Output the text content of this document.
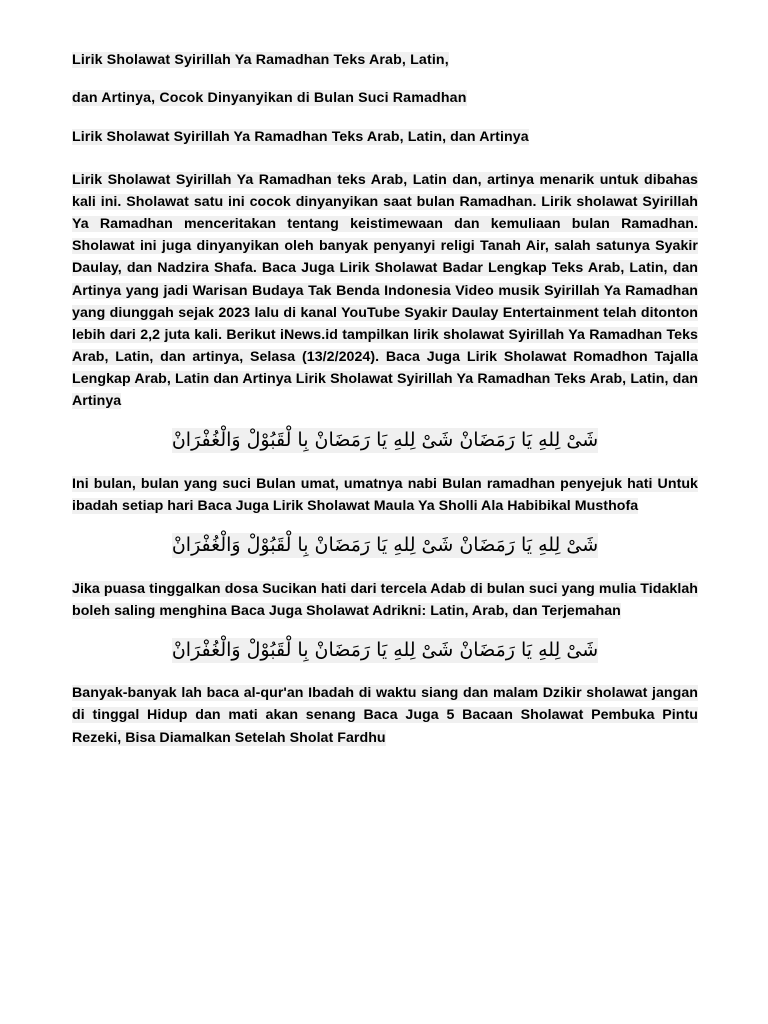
Lirik Sholawat Syirillah Ya Ramadhan Teks Arab, Latin,
dan Artinya, Cocok Dinyanyikan di Bulan Suci Ramadhan
Lirik Sholawat Syirillah Ya Ramadhan Teks Arab, Latin, dan Artinya

Lirik Sholawat Syirillah Ya Ramadhan teks Arab, Latin dan, artinya menarik untuk dibahas kali ini. Sholawat satu ini cocok dinyanyikan saat bulan Ramadhan. Lirik sholawat Syirillah Ya Ramadhan menceritakan tentang keistimewaan dan kemuliaan bulan Ramadhan. Sholawat ini juga dinyanyikan oleh banyak penyanyi religi Tanah Air, salah satunya Syakir Daulay, dan Nadzira Shafa. Baca Juga Lirik Sholawat Badar Lengkap Teks Arab, Latin, dan Artinya yang jadi Warisan Budaya Tak Benda Indonesia Video musik Syirillah Ya Ramadhan yang diunggah sejak 2023 lalu di kanal YouTube Syakir Daulay Entertainment telah ditonton lebih dari 2,2 juta kali. Berikut iNews.id tampilkan lirik sholawat Syirillah Ya Ramadhan Teks Arab, Latin, dan artinya, Selasa (13/2/2024). Baca Juga Lirik Sholawat Romadhon Tajalla Lengkap Arab, Latin dan Artinya Lirik Sholawat Syirillah Ya Ramadhan Teks Arab, Latin, dan Artinya

شَىْ لِلهِ يَا رَمَضَانْ شَىْ لِلهِ يَا رَمَضَانْ بِا لْقَبُوْلْ وَالْغُفْرَانْ

Ini bulan, bulan yang suci Bulan umat, umatnya nabi Bulan ramadhan penyejuk hati Untuk ibadah setiap hari Baca Juga Lirik Sholawat Maula Ya Sholli Ala Habibikal Musthofa

شَىْ لِلهِ يَا رَمَضَانْ شَىْ لِلهِ يَا رَمَضَانْ بِا لْقَبُوْلْ وَالْغُفْرَانْ

Jika puasa tinggalkan dosa Sucikan hati dari tercela Adab di bulan suci yang mulia Tidaklah boleh saling menghina Baca Juga Sholawat Adrikni: Latin, Arab, dan Terjemahan

شَىْ لِلهِ يَا رَمَضَانْ شَىْ لِلهِ يَا رَمَضَانْ بِا لْقَبُوْلْ وَالْغُفْرَانْ

Banyak-banyak lah baca al-qur'an Ibadah di waktu siang dan malam Dzikir sholawat jangan di tinggal Hidup dan mati akan senang Baca Juga 5 Bacaan Sholawat Pembuka Pintu Rezeki, Bisa Diamalkan Setelah Sholat Fardhu
